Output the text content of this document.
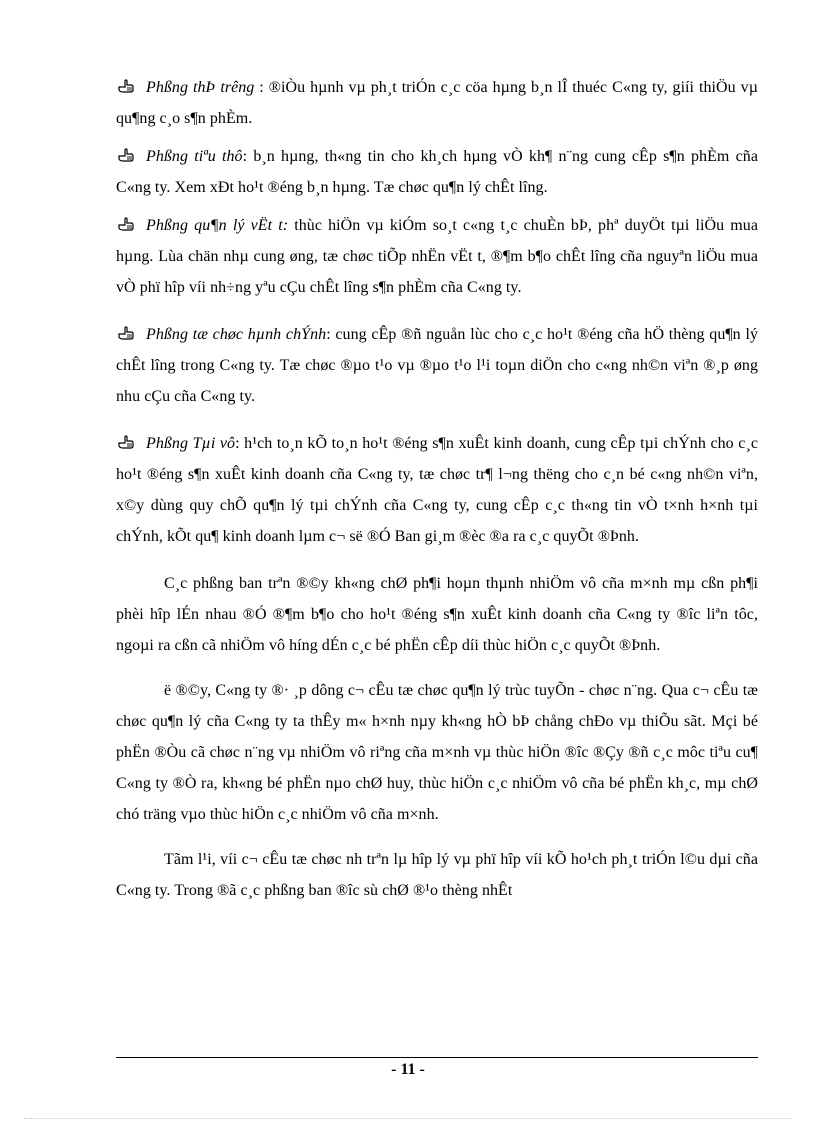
Phßng thÞ trêng : ®iÒu hµnh vµ ph¸t triÓn c¸c cöa hµng b¸n lÎ thuéc C«ng ty, giíi thiÖu vµ qu¶ng c¸o s¶n phÈm.

Phßng tiªu thô: b¸n hµng, th«ng tin cho kh¸ch hµng vÒ kh¶ n¨ng cung cÊp s¶n phÈm cña C«ng ty. Xem xÐt ho¹t ®éng b¸n hµng. Tæ chøc qu¶n lý chÊt lîng.

Phßng qu¶n lý vËt t: thùc hiÖn vµ kiÓm so¸t c«ng t¸c chuÈn bÞ, phª duyÖt tµi liÖu mua hµng. Lùa chän nhµ cung øng, tæ chøc tiÕp nhËn vËt t, ®¶m b¶o chÊt lîng cña nguyªn liÖu mua vÒ phï hîp víi nh÷ng yªu cÇu chÊt lîng s¶n phÈm cña C«ng ty.

Phßng tæ chøc hµnh chÝnh: cung cÊp ®ñ nguån lùc cho c¸c ho¹t ®éng cña hÖ thèng qu¶n lý chÊt lîng trong C«ng ty. Tæ chøc ®µo t¹o vµ ®µo t¹o l¹i toµn diÖn cho c«ng nh©n viªn ®¸p øng nhu cÇu cña C«ng ty.

Phßng Tµi vô: h¹ch to¸n kÕ to¸n ho¹t ®éng s¶n xuÊt kinh doanh, cung cÊp tµi chÝnh cho c¸c ho¹t ®éng s¶n xuÊt kinh doanh cña C«ng ty, tæ chøc tr¶ l¬ng thëng cho c¸n bé c«ng nh©n viªn, x©y dùng quy chÕ qu¶n lý tµi chÝnh cña C«ng ty, cung cÊp c¸c th«ng tin vÒ t×nh h×nh tµi chÝnh, kÕt qu¶ kinh doanh lµm c¬ së ®Ó Ban gi¸m ®èc ®a ra c¸c quyÕt ®Þnh.

C¸c phßng ban trªn ®©y kh«ng chØ ph¶i hoµn thµnh nhiÖm vô cña m×nh mµ cßn ph¶i phèi hîp lÉn nhau ®Ó ®¶m b¶o cho ho¹t ®éng s¶n xuÊt kinh doanh cña C«ng ty ®îc liªn tôc, ngoµi ra cßn cã nhiÖm vô híng dÉn c¸c bé phËn cÊp díi thùc hiÖn c¸c quyÕt ®Þnh.

ë ®©y, C«ng ty ®· ¸p dông c¬ cÊu tæ chøc qu¶n lý trùc tuyÕn - chøc n¨ng. Qua c¬ cÊu tæ chøc qu¶n lý cña C«ng ty ta thÊy m« h×nh nµy kh«ng hÒ bÞ chång chÐo vµ thiÕu sãt. Mçi bé phËn ®Òu cã chøc n¨ng vµ nhiÖm vô riªng cña m×nh vµ thùc hiÖn ®îc ®Çy ®ñ c¸c môc tiªu cu¶ C«ng ty ®Ò ra, kh«ng bé phËn nµo chØ huy, thùc hiÖn c¸c nhiÖm vô cña bé phËn kh¸c, mµ chØ chó träng vµo thùc hiÖn c¸c nhiÖm vô cña m×nh.

Tãm l¹i, víi c¬ cÊu tæ chøc nh trªn lµ hîp lý vµ phï hîp víi kÕ ho¹ch ph¸t triÓn l©u dµi cña C«ng ty. Trong ®ã c¸c phßng ban ®îc sù chØ ®¹o thèng nhÊt

- 11 -
